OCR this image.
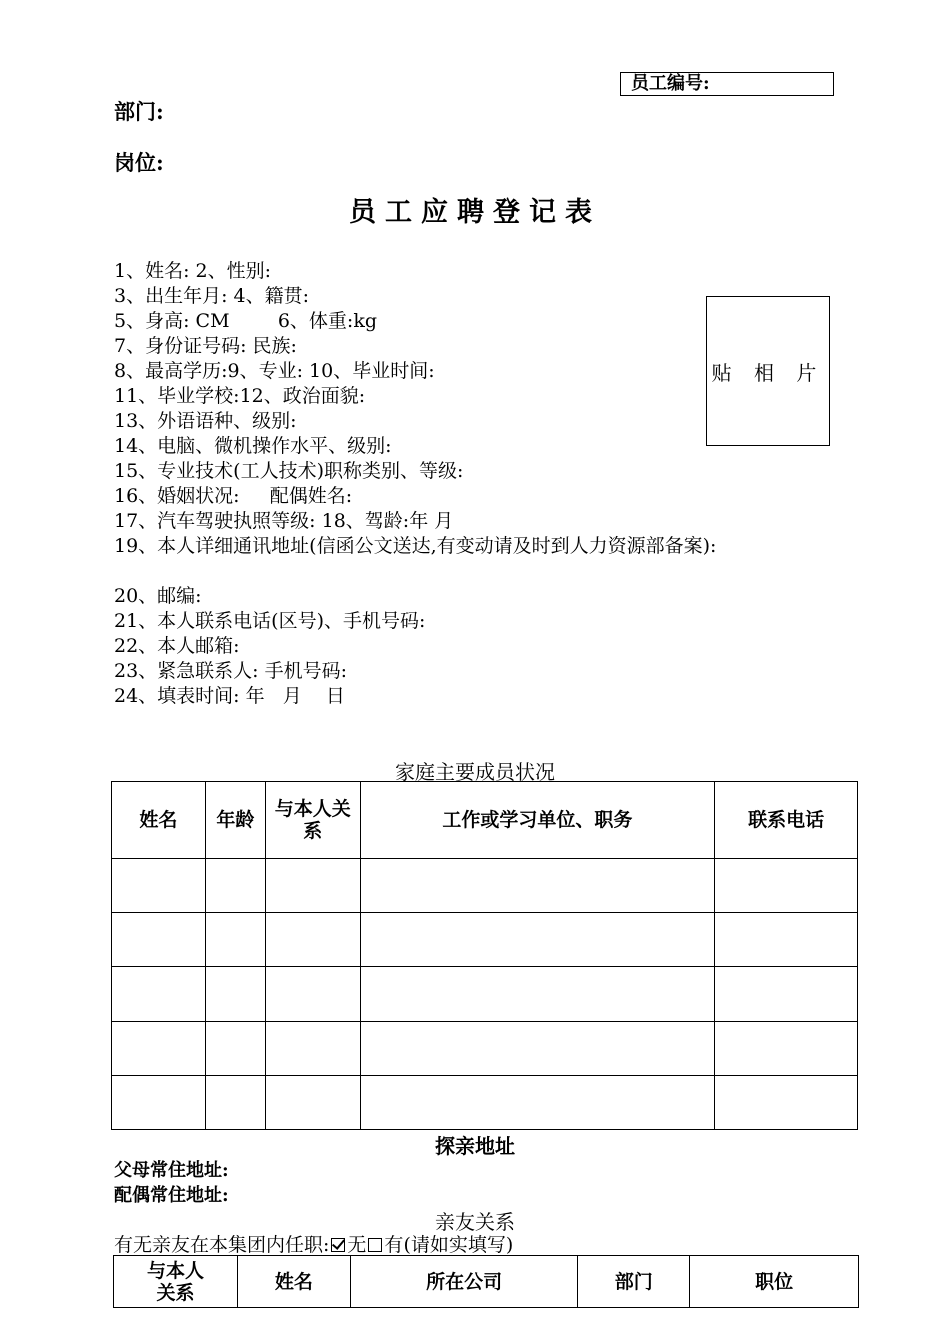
员工编号:
部门:
岗位:
员工应聘登记表
1、姓名: 2、性别:
3、出生年月: 4、籍贯:
5、身高: CM        6、体重:kg
7、身份证号码: 民族:
8、最高学历:9、专业: 10、毕业时间:
11、毕业学校:12、政治面貌:
13、外语语种、级别:
14、电脑、微机操作水平、级别:
15、专业技术(工人技术)职称类别、等级:
16、婚姻状况:     配偶姓名:
17、汽车驾驶执照等级: 18、驾龄:年 月
19、本人详细通讯地址(信函公文送达,有变动请及时到人力资源部备案):
20、邮编:
21、本人联系电话(区号)、手机号码:
22、本人邮箱:
23、紧急联系人: 手机号码:
24、填表时间: 年   月    日
贴 相 片
家庭主要成员状况
姓名	年龄	与本人关系	工作或学习单位、职务	联系电话

探亲地址
父母常住地址:
配偶常住地址:
亲友关系
有无亲友在本集团内任职: 无 有(请如实填写)
与本人关系	姓名	所在公司	部门	职位
